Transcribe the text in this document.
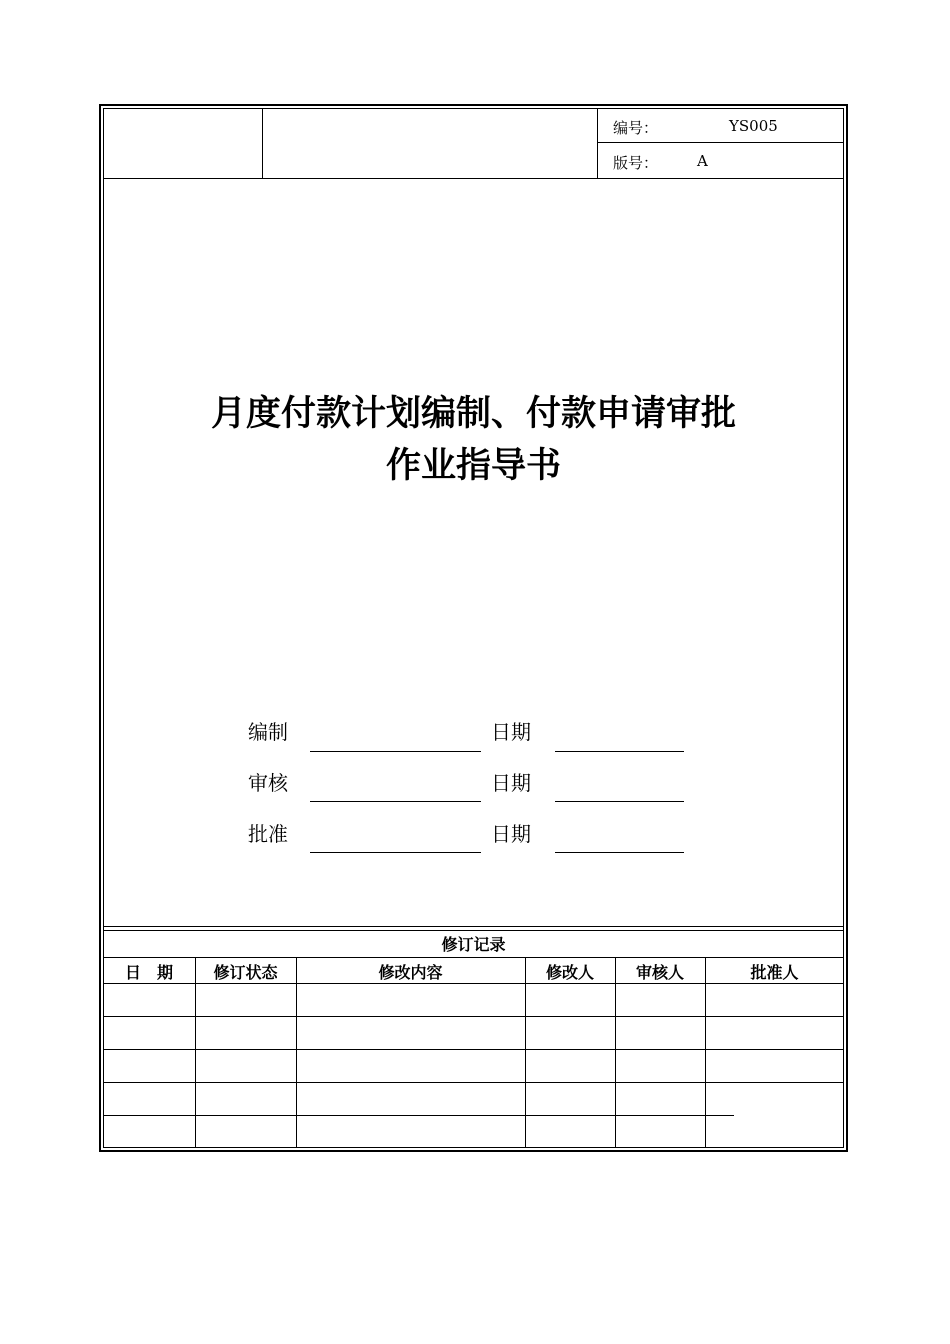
编号：	YS005
版号：	A
月度付款计划编制、付款申请审批
作业指导书
编制	日期
审核	日期
批准	日期
修订记录
日　期	修订状态	修改内容	修改人	审核人	批准人
